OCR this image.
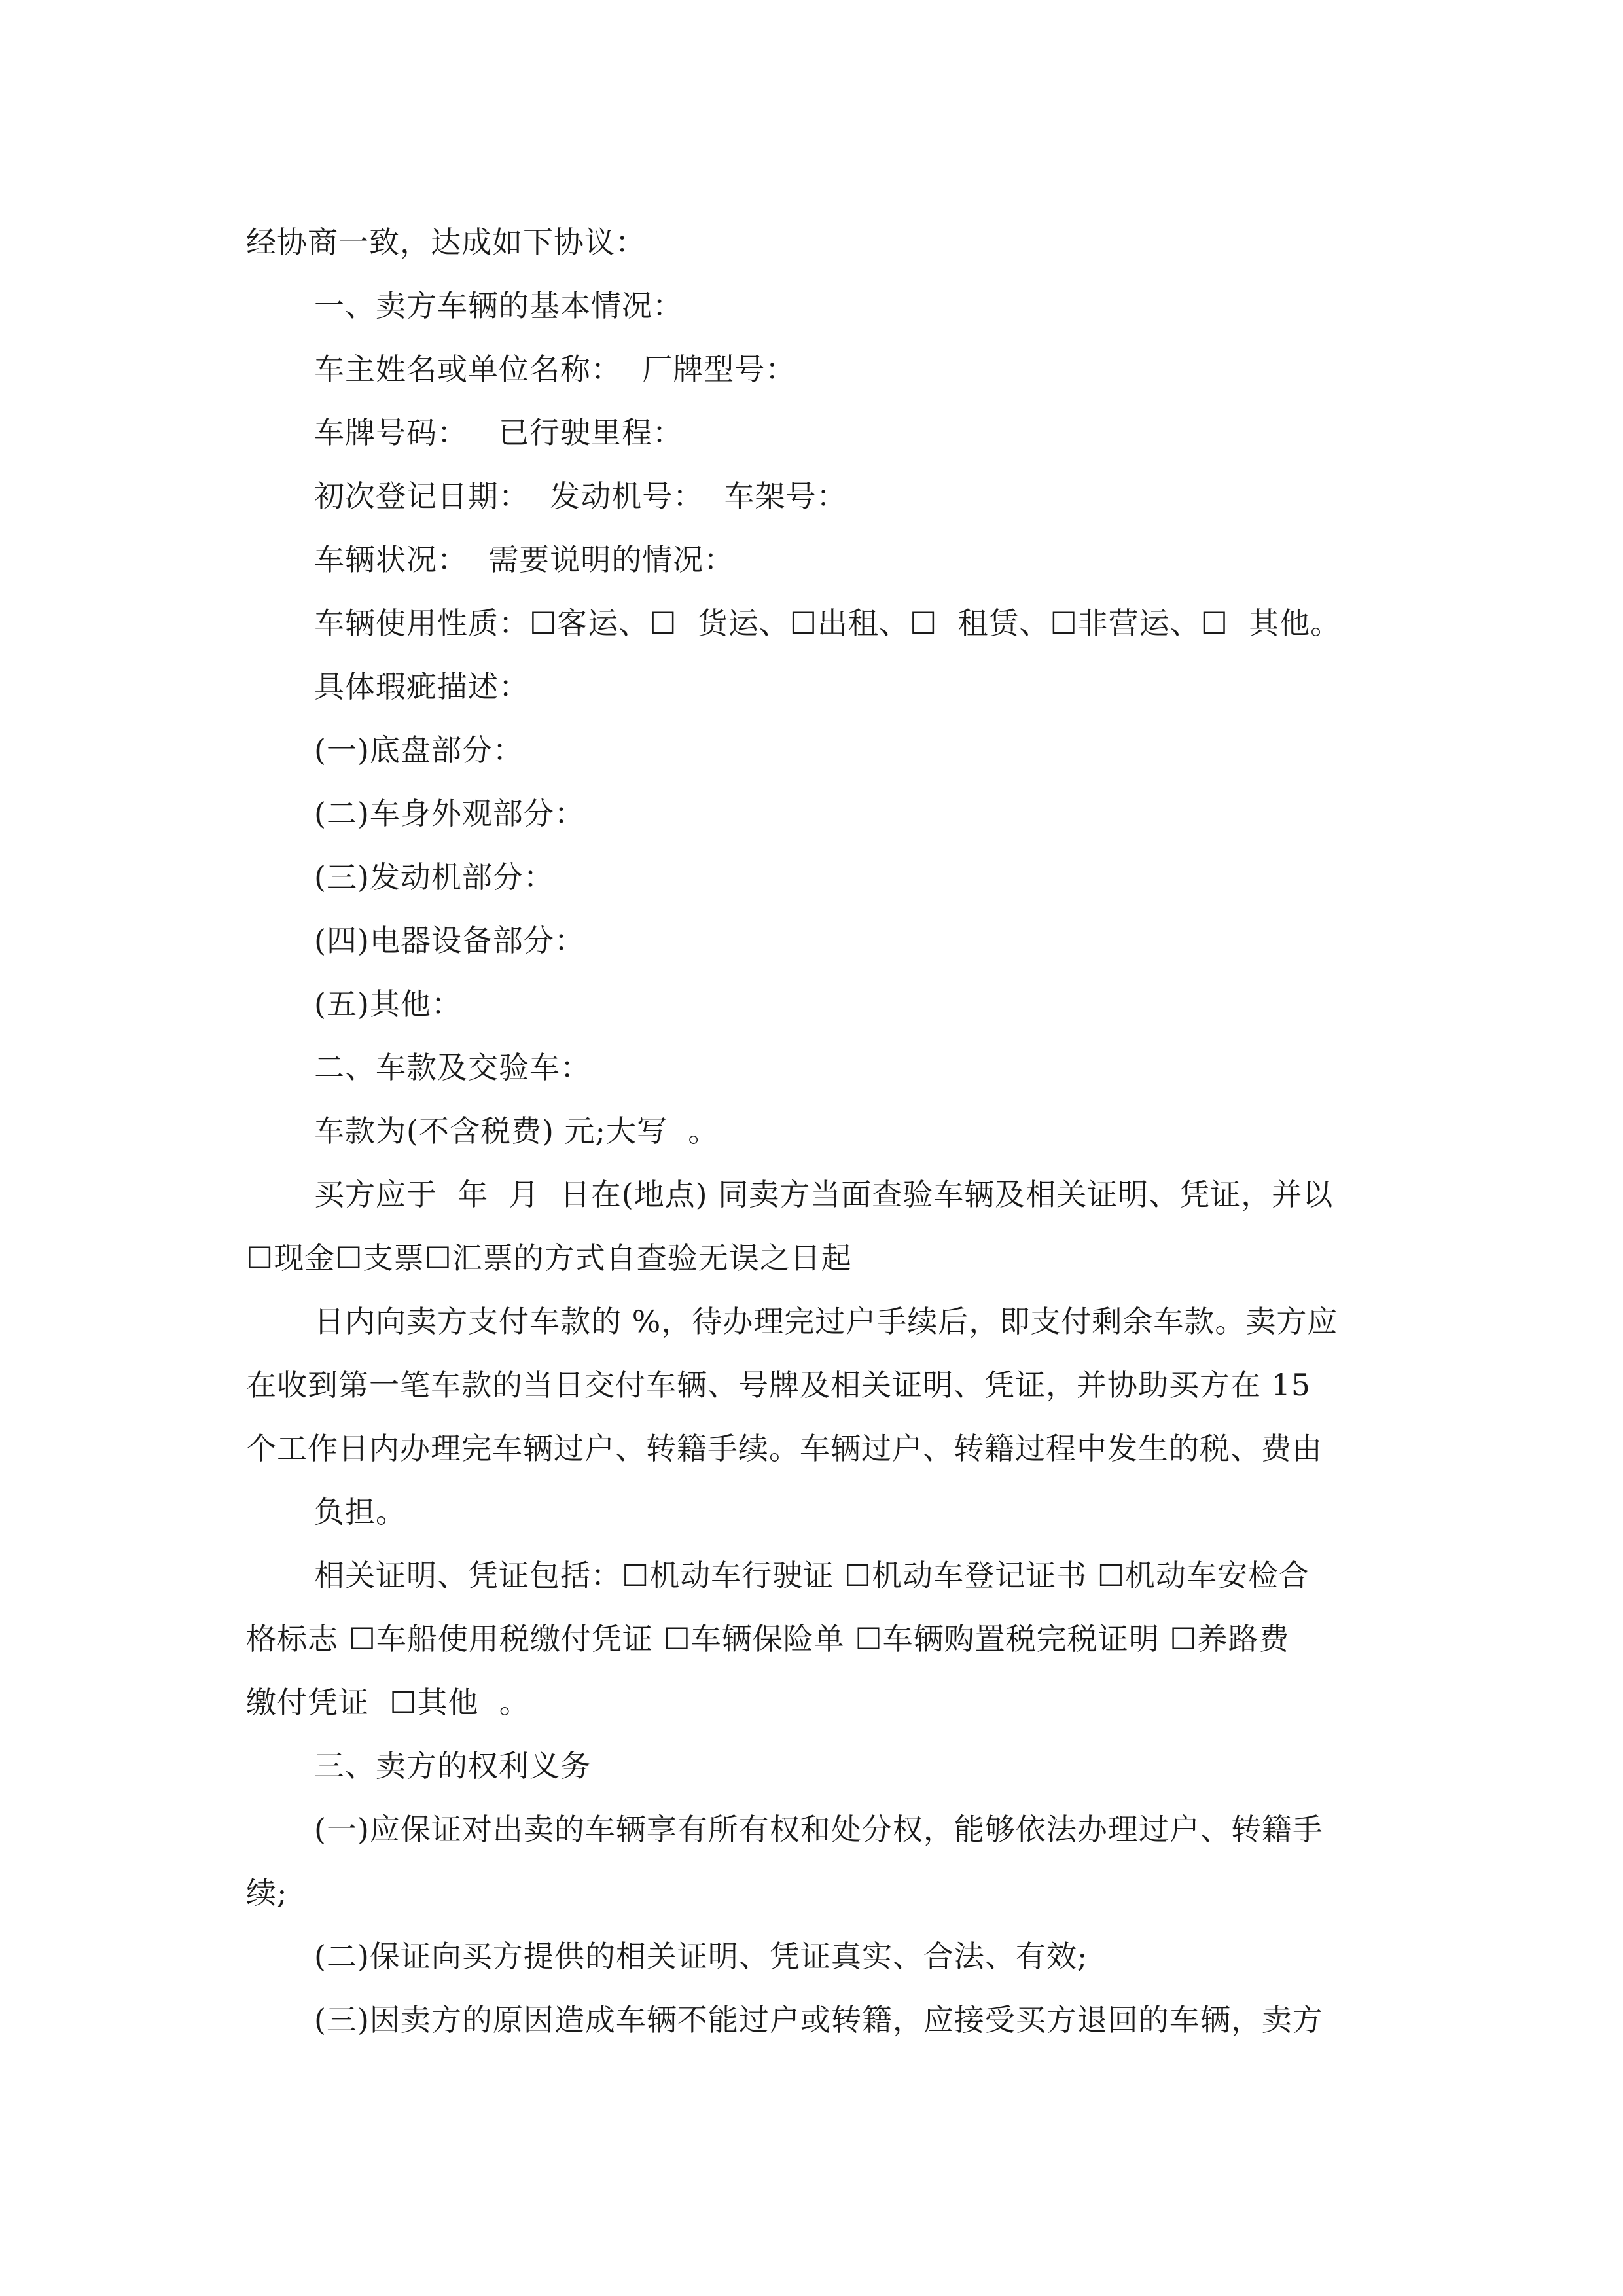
经协商一致，达成如下协议：
一、卖方车辆的基本情况：
车主姓名或单位名称：  厂牌型号：
车牌号码：   已行驶里程：
初次登记日期：  发动机号：  车架号：
车辆状况：  需要说明的情况：
车辆使用性质：☐客运、☐  货运、☐出租、☐  租赁、☐非营运、☐  其他。
具体瑕疵描述：
(一)底盘部分：
(二)车身外观部分：
(三)发动机部分：
(四)电器设备部分：
(五)其他：
二、车款及交验车：
车款为(不含税费) 元;大写  。
买方应于  年  月  日在(地点) 同卖方当面查验车辆及相关证明、凭证，并以
☐现金☐支票☐汇票的方式自查验无误之日起
日内向卖方支付车款的 %，待办理完过户手续后，即支付剩余车款。卖方应
在收到第一笔车款的当日交付车辆、号牌及相关证明、凭证，并协助买方在 15
个工作日内办理完车辆过户、转籍手续。车辆过户、转籍过程中发生的税、费由
负担。
相关证明、凭证包括：☐机动车行驶证 ☐机动车登记证书 ☐机动车安检合
格标志 ☐车船使用税缴付凭证 ☐车辆保险单 ☐车辆购置税完税证明 ☐养路费
缴付凭证  ☐其他  。
三、卖方的权利义务
(一)应保证对出卖的车辆享有所有权和处分权，能够依法办理过户、转籍手
续;
(二)保证向买方提供的相关证明、凭证真实、合法、有效;
(三)因卖方的原因造成车辆不能过户或转籍，应接受买方退回的车辆，卖方
